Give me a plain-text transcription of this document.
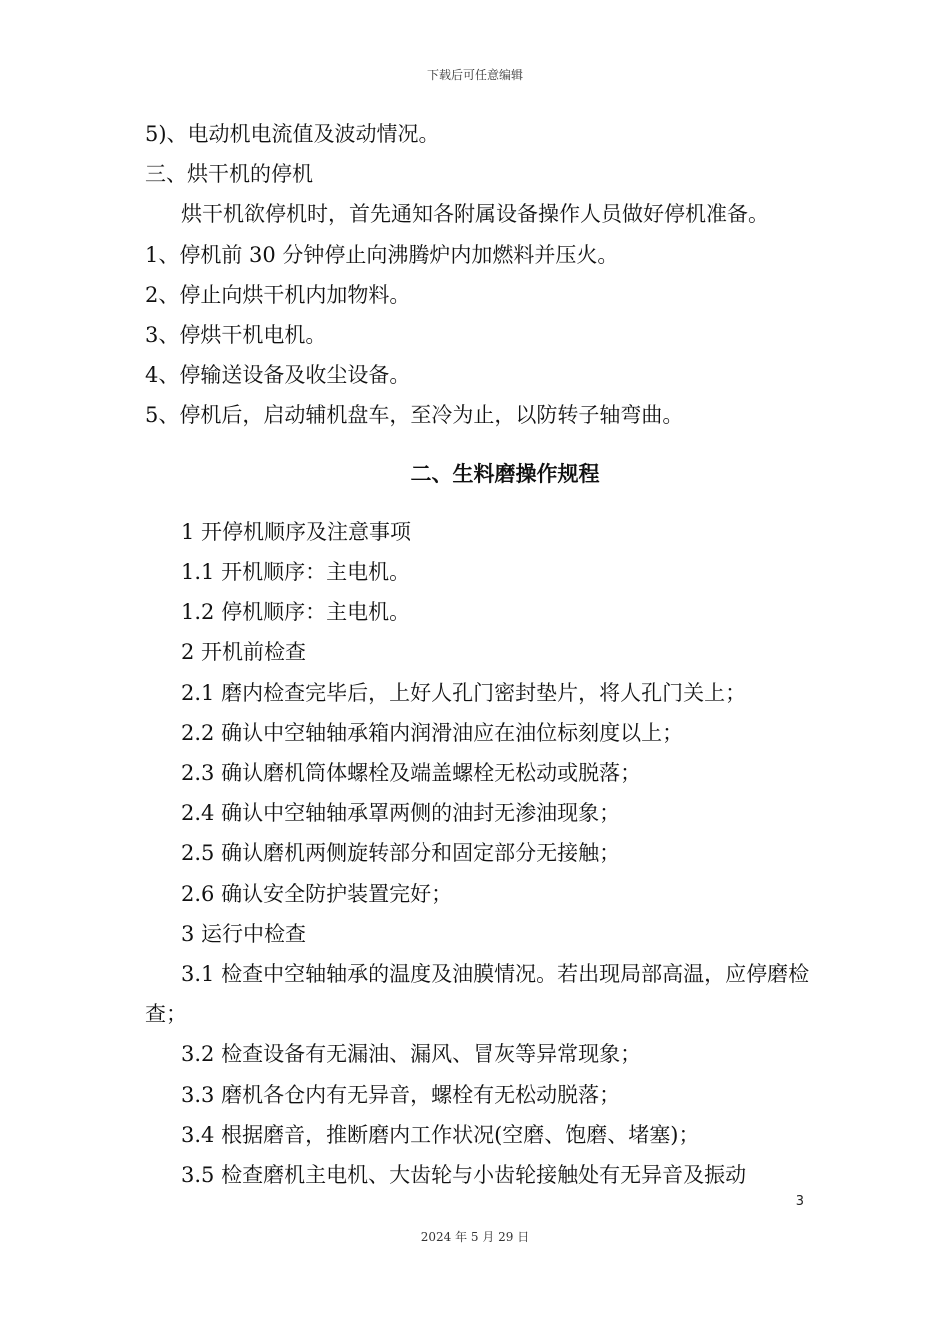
下载后可任意编辑
5)、电动机电流值及波动情况。
三、烘干机的停机
烘干机欲停机时，首先通知各附属设备操作人员做好停机准备。
1、停机前 30 分钟停止向沸腾炉内加燃料并压火。
2、停止向烘干机内加物料。
3、停烘干机电机。
4、停输送设备及收尘设备。
5、停机后，启动辅机盘车，至冷为止，以防转子轴弯曲。
二、生料磨操作规程
1 开停机顺序及注意事项
1.1 开机顺序：主电机。
1.2 停机顺序：主电机。
2 开机前检查
2.1 磨内检查完毕后，上好人孔门密封垫片，将人孔门关上；
2.2 确认中空轴轴承箱内润滑油应在油位标刻度以上；
2.3 确认磨机筒体螺栓及端盖螺栓无松动或脱落；
2.4 确认中空轴轴承罩两侧的油封无渗油现象；
2.5 确认磨机两侧旋转部分和固定部分无接触；
2.6 确认安全防护装置完好；
3 运行中检查
3.1 检查中空轴轴承的温度及油膜情况。若出现局部高温，应停磨检查；
3.2 检查设备有无漏油、漏风、冒灰等异常现象；
3.3 磨机各仓内有无异音，螺栓有无松动脱落；
3.4 根据磨音，推断磨内工作状况(空磨、饱磨、堵塞)；
3.5 检查磨机主电机、大齿轮与小齿轮接触处有无异音及振动
3
2024 年 5 月 29 日
